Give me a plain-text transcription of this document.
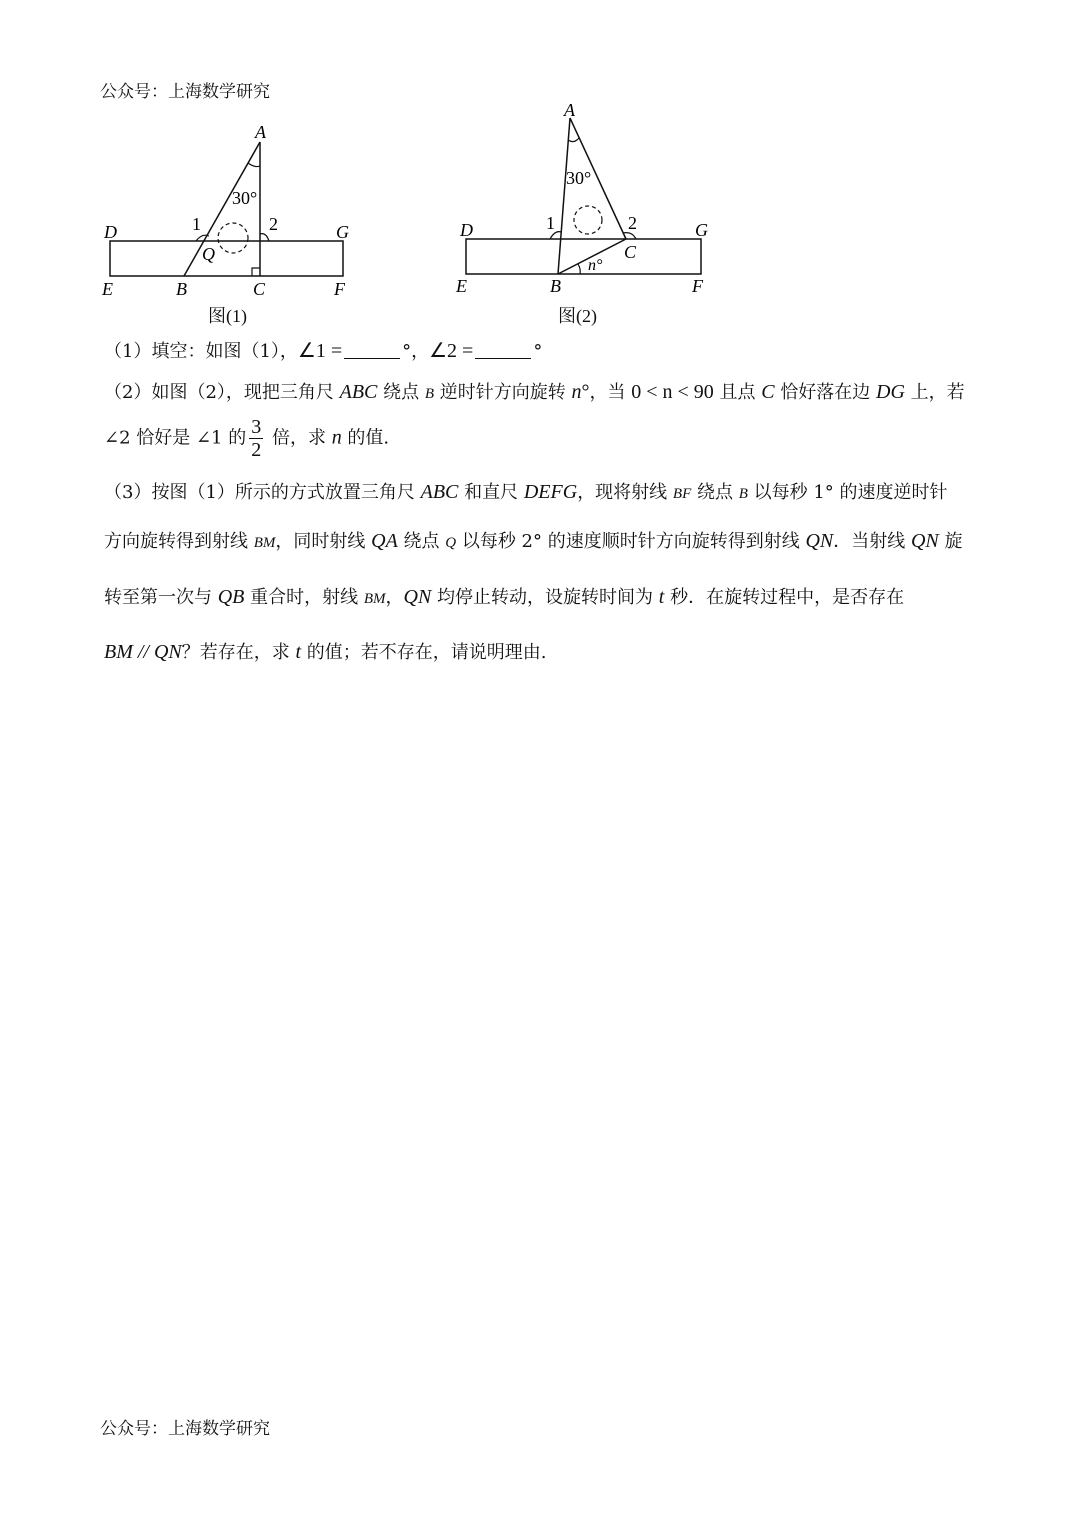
公众号：上海数学研究
A
D	G
E	B	C	F
Q
1	2
30°
图(1)
A
D	G
E	B
C
F
1	2
30°
n°
图(2)
（1）填空：如图（1），∠1 =	°，∠2 =	°
（2）如图（2），现把三角尺 ABC 绕点 B 逆时针方向旋转 n°，当 0 < n < 90 且点 C 恰好落在边 DG 上，若
∠2 恰好是 ∠1 的 $\frac{3}{2}$ 倍，求 n 的值.
（3）按图（1）所示的方式放置三角尺 ABC 和直尺 DEFG，现将射线 BF 绕点 B 以每秒 1° 的速度逆时针
方向旋转得到射线 BM，同时射线 QA 绕点 Q 以每秒 2° 的速度顺时针方向旋转得到射线 QN．当射线 QN 旋
转至第一次与 QB 重合时，射线 BM，QN 均停止转动，设旋转时间为 t 秒．在旋转过程中，是否存在
BM // QN？若存在，求 t 的值；若不存在，请说明理由.
公众号：上海数学研究
